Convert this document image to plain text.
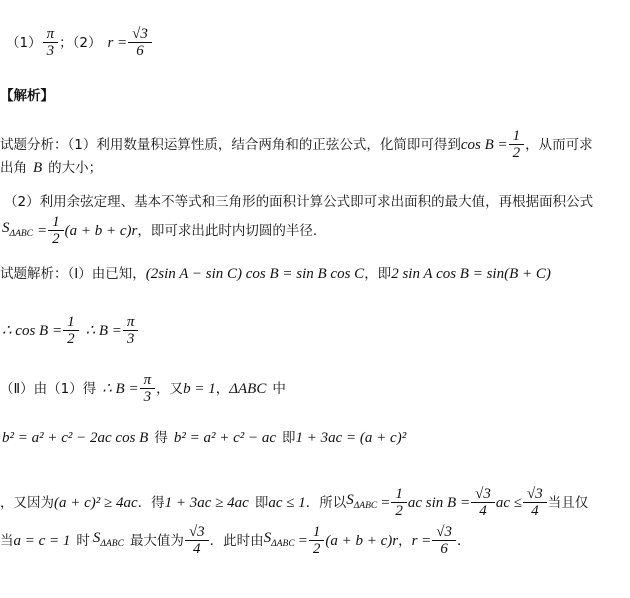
$(1) \frac{\pi}{3}$ ；（2） $r = \frac{√3}{6}$
【解析】
试题分析：（1）利用数量积运算性质，结合两角和的正弦公式，化简即可得到 $\cos B = \frac{1}{2}$ ，从而可求
出角 B 的大小；
（2）利用余弦定理、基本不等式和三角形的面积计算公式即可求出面积的最大值，再根据面积公式
$S_{\Delta ABC} = \frac{1}{2} (a + b + c)r$ ，即可求出此时内切圆的半径．
试题解析：（Ⅰ）由已知， (2sin A − sin C) cos B = sin B cos C ，即 2 sin A cos B = sin(B + C)
∴ $\cos B = \frac{1}{2}$ ∴ $B = \frac{\pi}{3}$
（Ⅱ）由（1）得 ∴ $B = \frac{\pi}{3}$ ，又 b = 1 ， ΔABC 中
b² = a² + c² − 2ac cos B 得 b² = a² + c² − ac 即 1 + 3ac = (a + c)²
，又因为 (a + c)² ≥ 4ac ．得 1 + 3ac ≥ 4ac 即 ac ≤ 1 ．所以 $S_{\Delta ABC} = \frac{1}{2}$ ac $\sin B = \frac{√3}{4}$ ac ≤ $\frac{√3}{4}$ 当且仅
当 a = c = 1 时 $S_{\Delta ABC}$ 最大值为 $\frac{√3}{4}$ ．此时由 $S_{\Delta ABC} = \frac{1}{2} (a + b + c)r$ ， $r = \frac{√3}{6}$ ．
